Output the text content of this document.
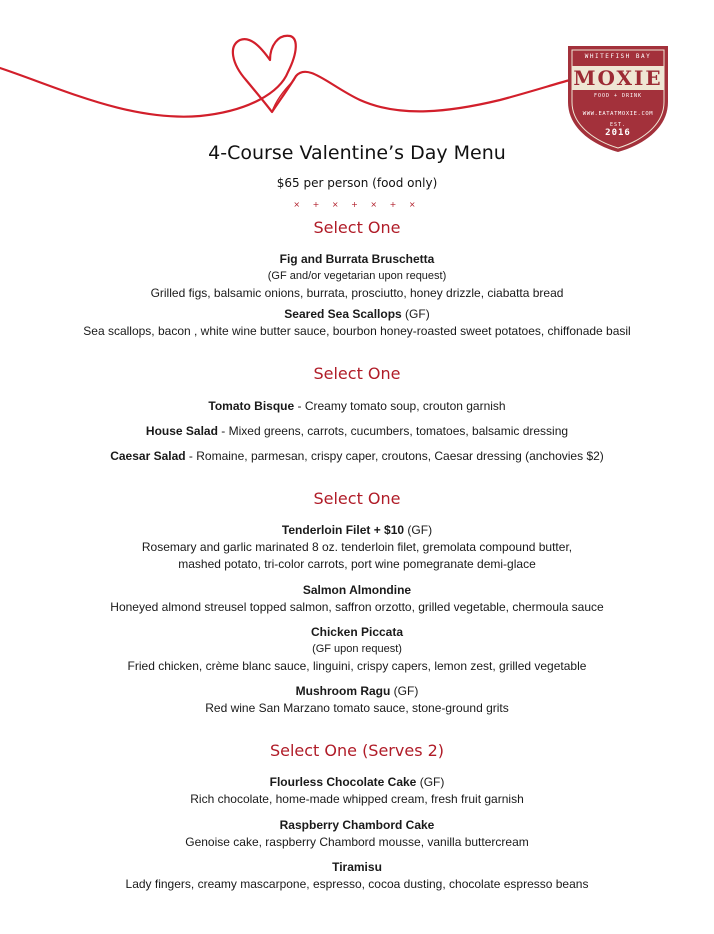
WHITEFISH BAY
MOXIE
FOOD + DRINK
WWW.EATATMOXIE.COM
EST.
2016
4-Course Valentine’s Day Menu
$65 per person (food only)
× + × + × + ×
Select One
Fig and Burrata Bruschetta
(GF and/or vegetarian upon request)
Grilled figs, balsamic onions, burrata, prosciutto, honey drizzle, ciabatta bread
Seared Sea Scallops (GF)
Sea scallops, bacon , white wine butter sauce, bourbon honey-roasted sweet potatoes, chiffonade basil
Select One
Tomato Bisque - Creamy tomato soup, crouton garnish
House Salad - Mixed greens, carrots, cucumbers, tomatoes, balsamic dressing
Caesar Salad - Romaine, parmesan, crispy caper, croutons, Caesar dressing (anchovies $2)
Select One
Tenderloin Filet + $10 (GF)
Rosemary and garlic marinated 8 oz. tenderloin filet, gremolata compound butter,
mashed potato, tri-color carrots, port wine pomegranate demi-glace
Salmon Almondine
Honeyed almond streusel topped salmon, saffron orzotto, grilled vegetable, chermoula sauce
Chicken Piccata
(GF upon request)
Fried chicken, crème blanc sauce, linguini, crispy capers, lemon zest, grilled vegetable
Mushroom Ragu (GF)
Red wine San Marzano tomato sauce, stone-ground grits
Select One (Serves 2)
Flourless Chocolate Cake (GF)
Rich chocolate, home-made whipped cream, fresh fruit garnish
Raspberry Chambord Cake
Genoise cake, raspberry Chambord mousse, vanilla buttercream
Tiramisu
Lady fingers, creamy mascarpone, espresso, cocoa dusting, chocolate espresso beans
